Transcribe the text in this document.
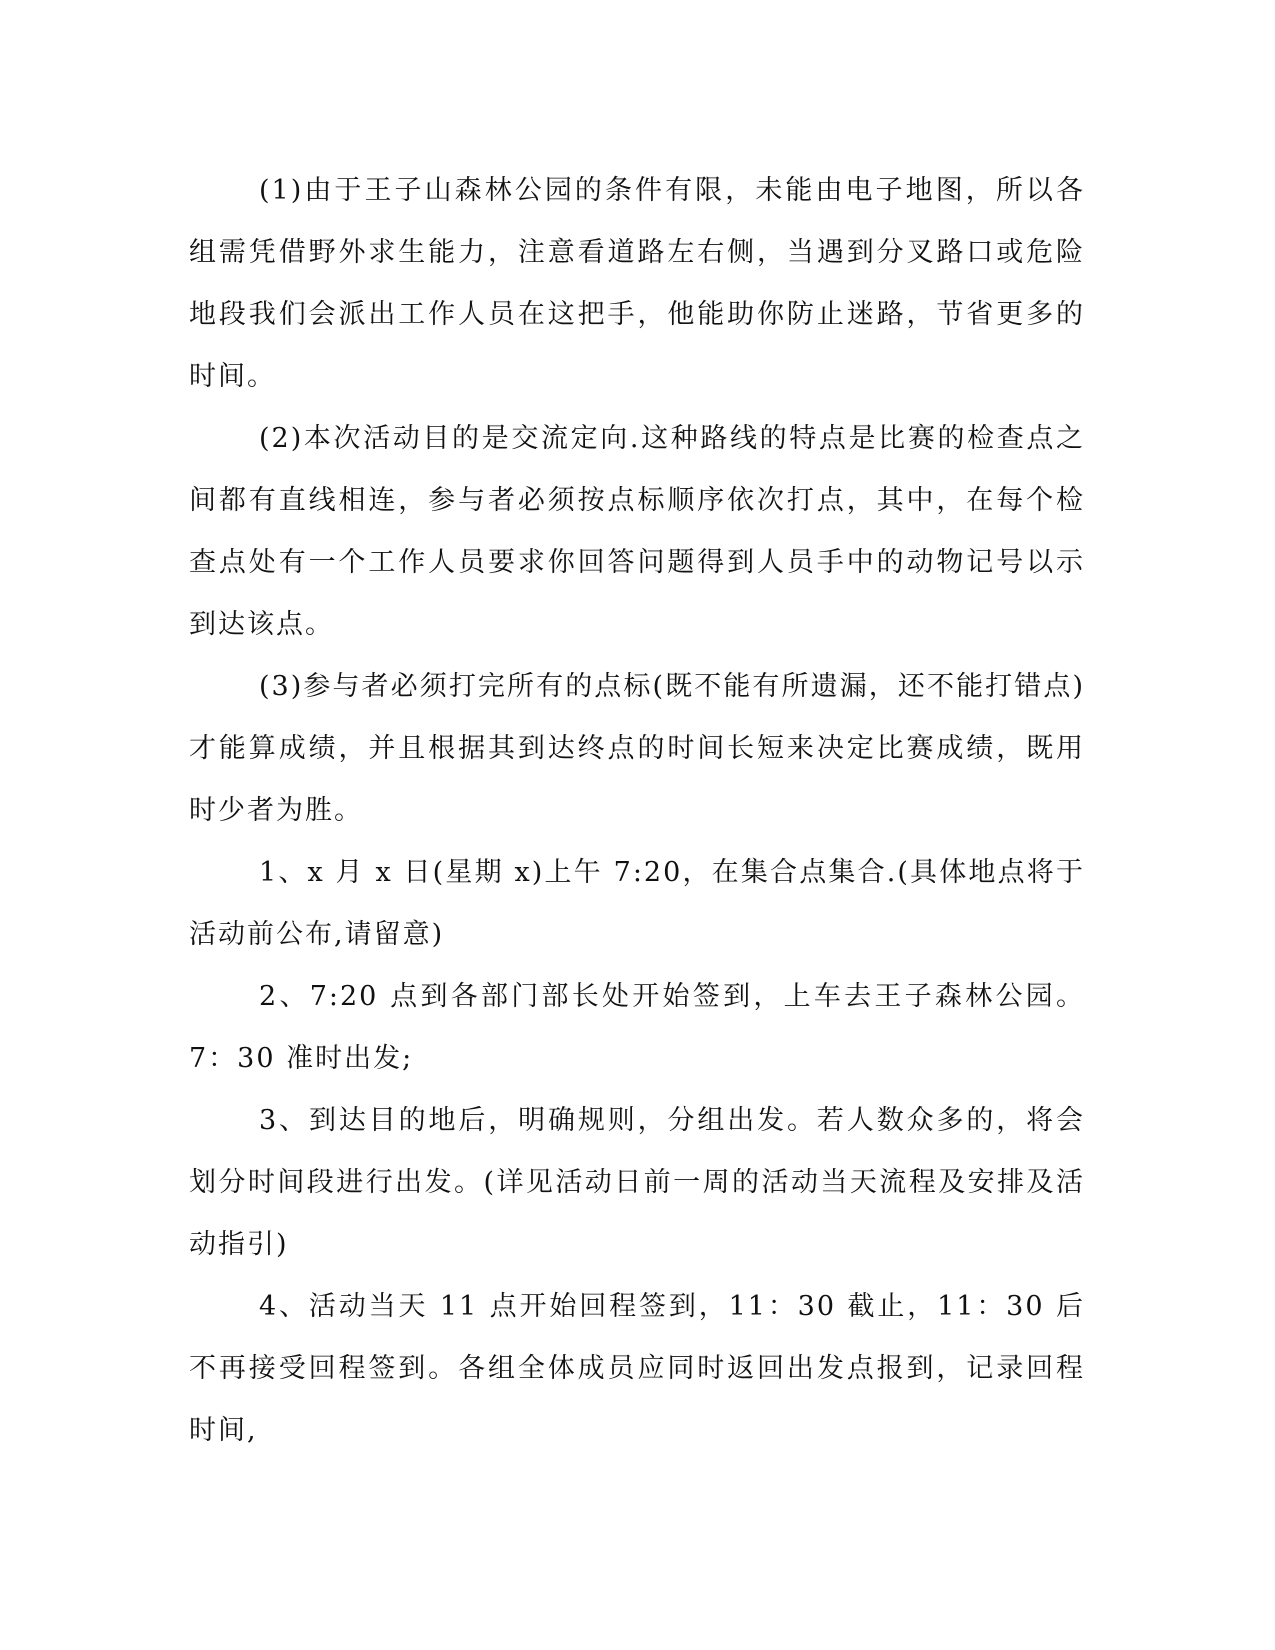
(1)由于王子山森林公园的条件有限，未能由电子地图，所以各组需凭借野外求生能力，注意看道路左右侧，当遇到分叉路口或危险地段我们会派出工作人员在这把手，他能助你防止迷路，节省更多的时间。

(2)本次活动目的是交流定向.这种路线的特点是比赛的检查点之间都有直线相连，参与者必须按点标顺序依次打点，其中，在每个检查点处有一个工作人员要求你回答问题得到人员手中的动物记号以示到达该点。

(3)参与者必须打完所有的点标(既不能有所遗漏，还不能打错点)才能算成绩，并且根据其到达终点的时间长短来决定比赛成绩，既用时少者为胜。

1、x 月 x 日(星期 x)上午 7:20，在集合点集合.(具体地点将于活动前公布,请留意)

2、7:20 点到各部门部长处开始签到，上车去王子森林公园。7：30 准时出发;

3、到达目的地后，明确规则，分组出发。若人数众多的，将会划分时间段进行出发。(详见活动日前一周的活动当天流程及安排及活动指引)

4、活动当天 11 点开始回程签到，11：30 截止，11：30 后不再接受回程签到。各组全体成员应同时返回出发点报到，记录回程时间,
